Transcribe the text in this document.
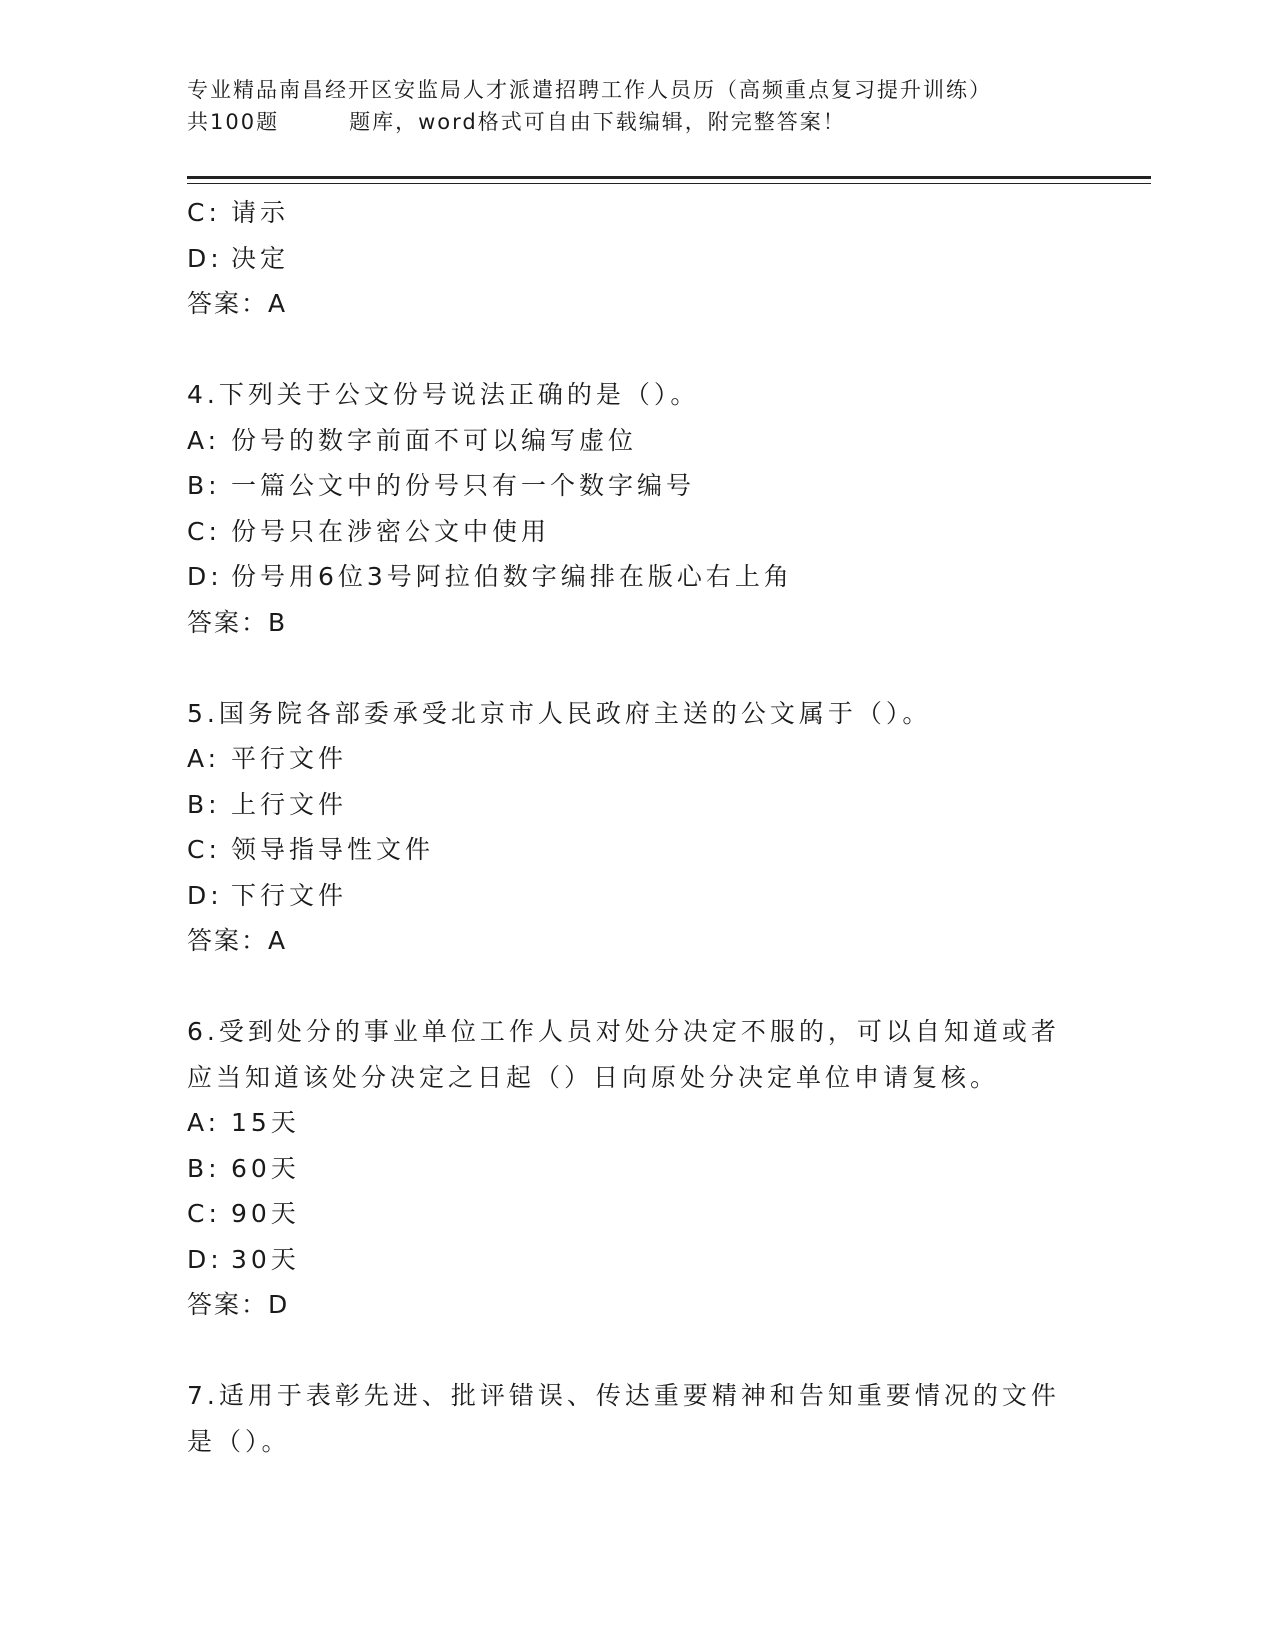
专业精品南昌经开区安监局人才派遣招聘工作人员历（高频重点复习提升训练）
共100题	题库，word格式可自由下载编辑，附完整答案！
C: 请示
D: 决定
答案：A
4.下列关于公文份号说法正确的是（）。
A: 份号的数字前面不可以编写虚位
B: 一篇公文中的份号只有一个数字编号
C: 份号只在涉密公文中使用
D: 份号用6位3号阿拉伯数字编排在版心右上角
答案：B
5.国务院各部委承受北京市人民政府主送的公文属于（）。
A: 平行文件
B: 上行文件
C: 领导指导性文件
D: 下行文件
答案：A
6.受到处分的事业单位工作人员对处分决定不服的，可以自知道或者
应当知道该处分决定之日起（）日向原处分决定单位申请复核。
A: 15天
B: 60天
C: 90天
D: 30天
答案：D
7.适用于表彰先进、批评错误、传达重要精神和告知重要情况的文件
是（）。
